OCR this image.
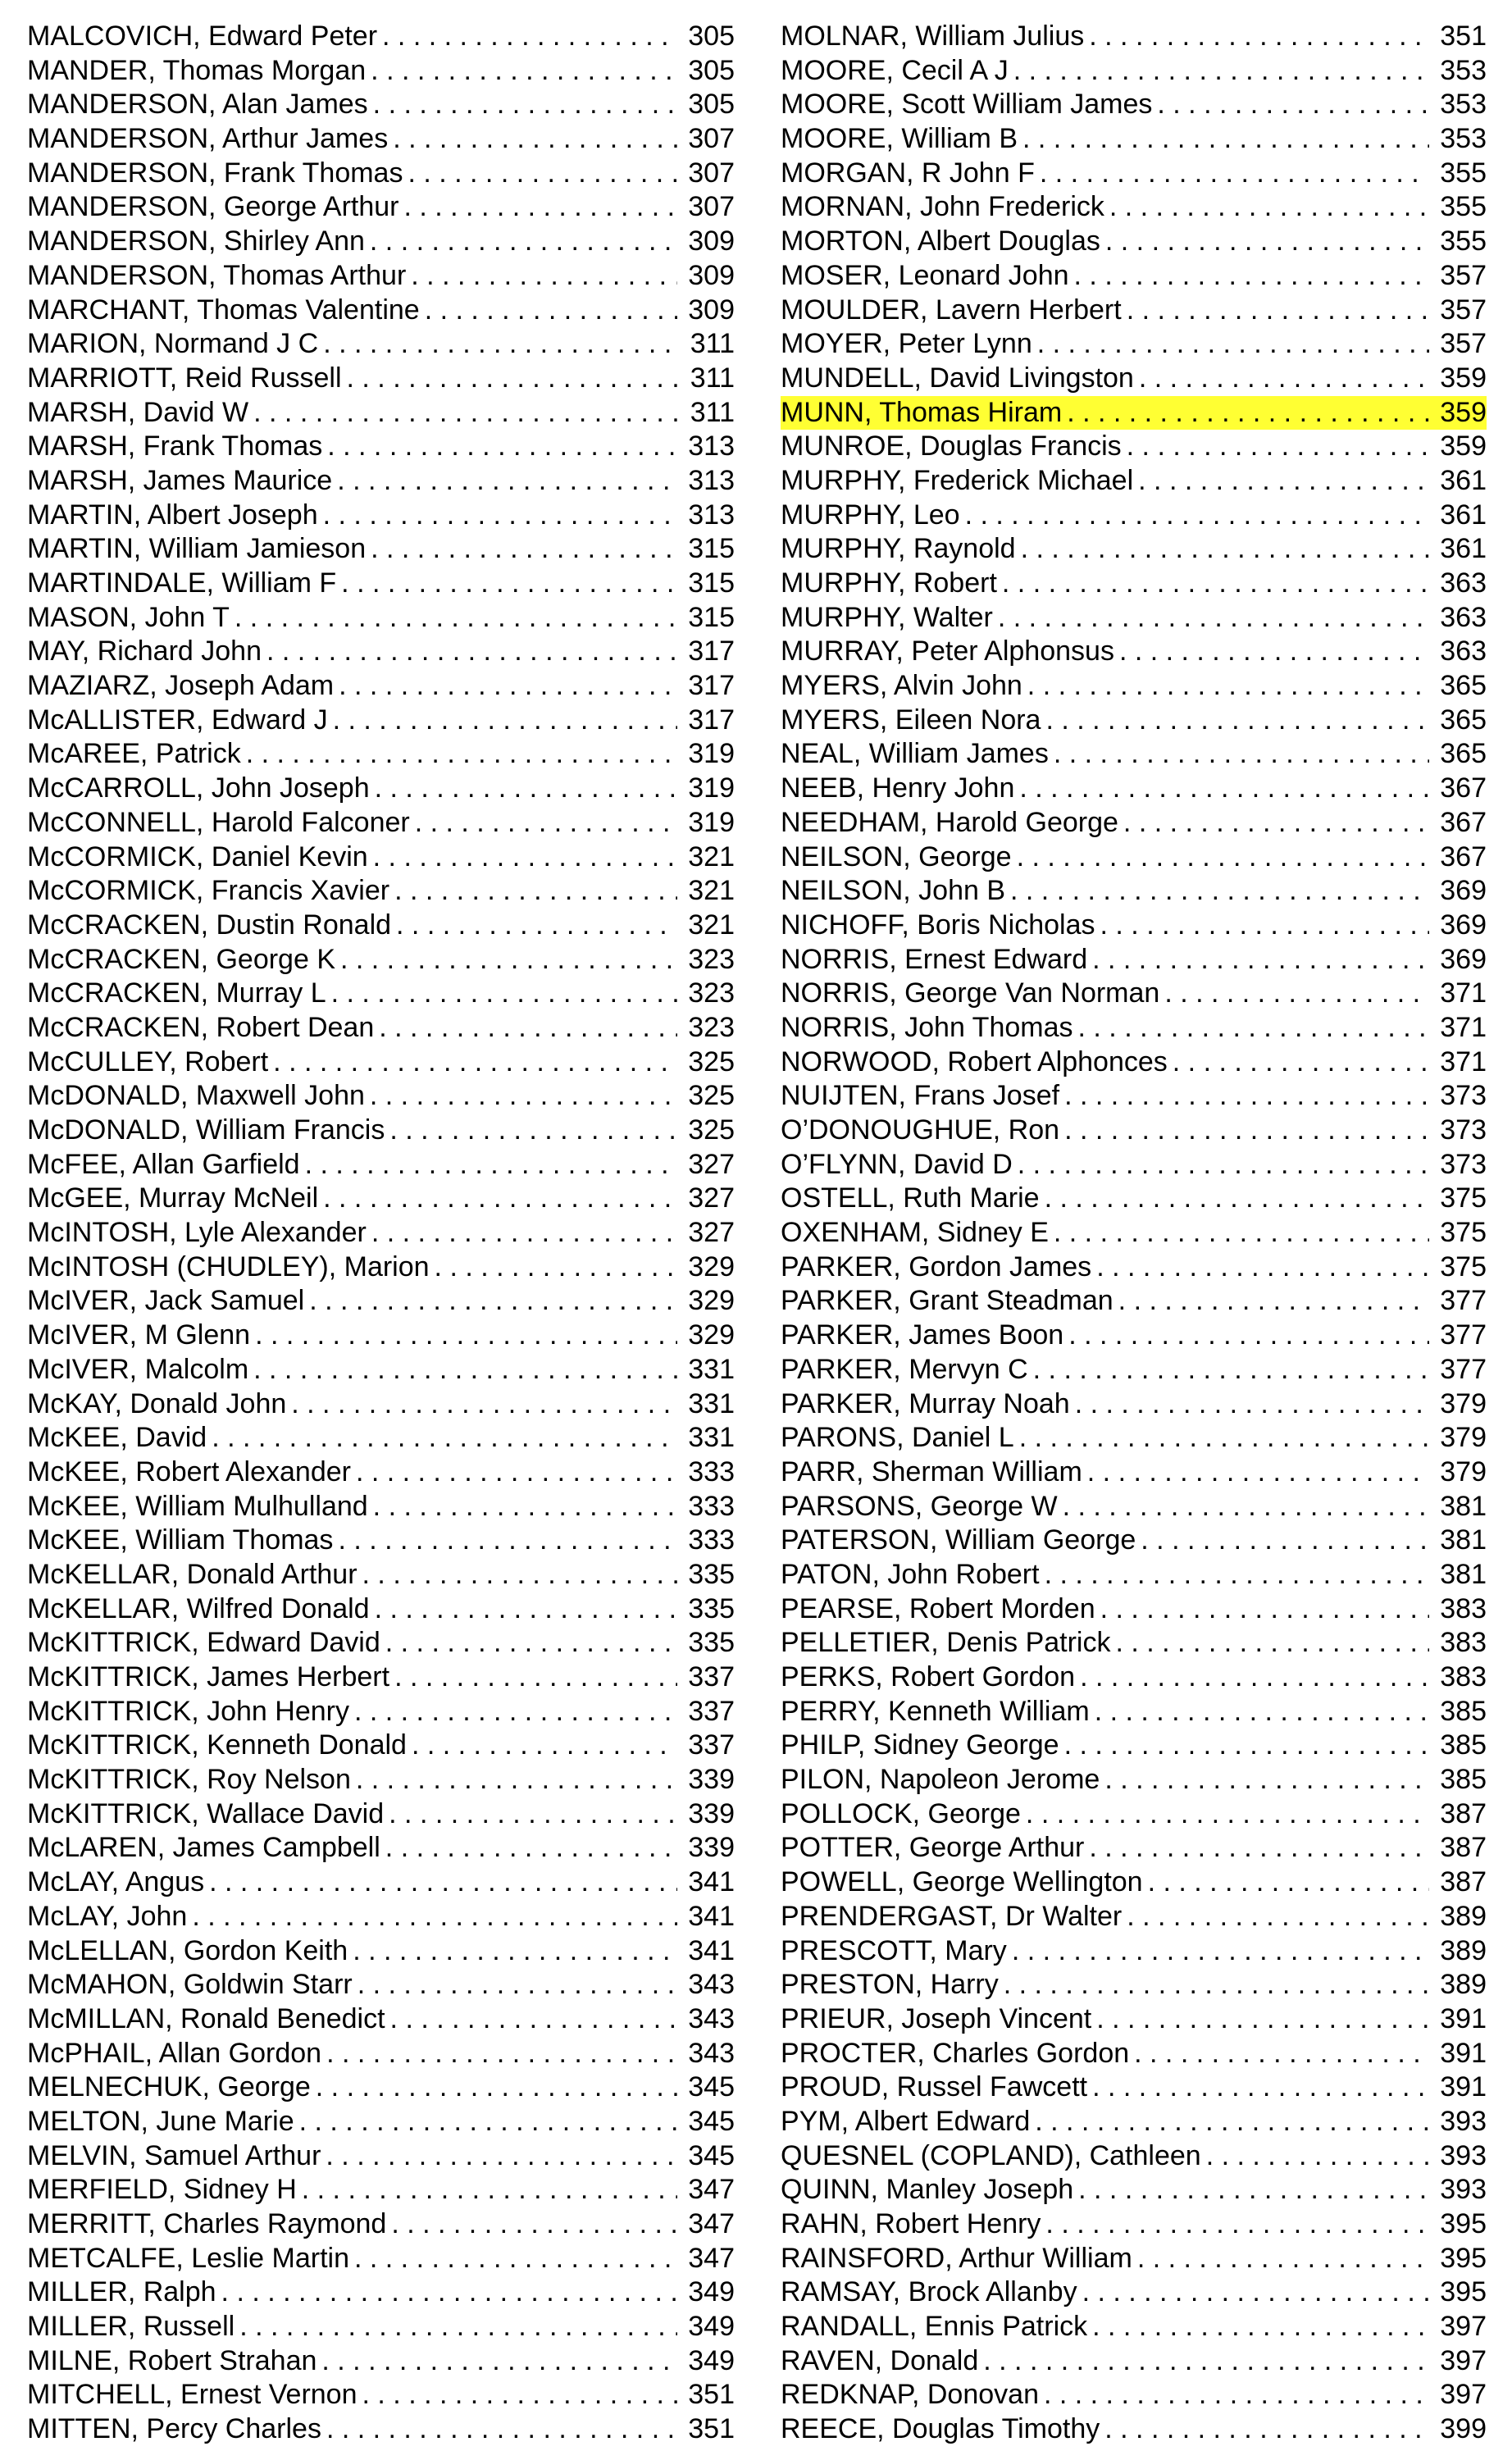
MALCOVICH, Edward Peter . . .	305
MANDER, Thomas Morgan . . .	305
MANDERSON, Alan James . . .	305
MANDERSON, Arthur James . . .	307
MANDERSON, Frank Thomas . . .	307
MANDERSON, George Arthur . . .	307
MANDERSON, Shirley Ann . . .	309
MANDERSON, Thomas Arthur . . .	309
MARCHANT, Thomas Valentine . . .	309
MARION, Normand J C . . .	311
MARRIOTT, Reid Russell . . .	311
MARSH, David W . . .	311
MARSH, Frank Thomas . . .	313
MARSH, James Maurice . . .	313
MARTIN, Albert Joseph . . .	313
MARTIN, William Jamieson . . .	315
MARTINDALE, William F . . .	315
MASON, John T . . .	315
MAY, Richard John . . .	317
MAZIARZ, Joseph Adam . . .	317
McALLISTER, Edward J . . .	317
McAREE, Patrick . . .	319
McCARROLL, John Joseph . . .	319
McCONNELL, Harold Falconer . . .	319
McCORMICK, Daniel Kevin . . .	321
McCORMICK, Francis Xavier . . .	321
McCRACKEN, Dustin Ronald . . .	321
McCRACKEN, George K . . .	323
McCRACKEN, Murray L . . .	323
McCRACKEN, Robert Dean . . .	323
McCULLEY, Robert . . .	325
McDONALD, Maxwell John . . .	325
McDONALD, William Francis . . .	325
McFEE, Allan Garfield . . .	327
McGEE, Murray McNeil . . .	327
McINTOSH, Lyle Alexander . . .	327
McINTOSH (CHUDLEY), Marion . . .	329
McIVER, Jack Samuel . . .	329
McIVER, M Glenn . . .	329
McIVER, Malcolm . . .	331
McKAY, Donald John . . .	331
McKEE, David . . .	331
McKEE, Robert Alexander . . .	333
McKEE, William Mulhulland . . .	333
McKEE, William Thomas . . .	333
McKELLAR, Donald Arthur . . .	335
McKELLAR, Wilfred Donald . . .	335
McKITTRICK, Edward David . . .	335
McKITTRICK, James Herbert . . .	337
McKITTRICK, John Henry . . .	337
McKITTRICK, Kenneth Donald . . .	337
McKITTRICK, Roy Nelson . . .	339
McKITTRICK, Wallace David . . .	339
McLAREN, James Campbell . . .	339
McLAY, Angus . . .	341
McLAY, John . . .	341
McLELLAN, Gordon Keith . . .	341
McMAHON, Goldwin Starr . . .	343
McMILLAN, Ronald Benedict . . .	343
McPHAIL, Allan Gordon . . .	343
MELNECHUK, George . . .	345
MELTON, June Marie . . .	345
MELVIN, Samuel Arthur . . .	345
MERFIELD, Sidney H . . .	347
MERRITT, Charles Raymond . . .	347
METCALFE, Leslie Martin . . .	347
MILLER, Ralph . . .	349
MILLER, Russell . . .	349
MILNE, Robert Strahan . . .	349
MITCHELL, Ernest Vernon . . .	351
MITTEN, Percy Charles . . .	351
MOLNAR, William Julius . . .	351
MOORE, Cecil A J . . .	353
MOORE, Scott William James . . .	353
MOORE, William B . . .	353
MORGAN, R John F . . .	355
MORNAN, John Frederick . . .	355
MORTON, Albert Douglas . . .	355
MOSER, Leonard John . . .	357
MOULDER, Lavern Herbert . . .	357
MOYER, Peter Lynn . . .	357
MUNDELL, David Livingston . . .	359
MUNN, Thomas Hiram . . .	359
MUNROE, Douglas Francis . . .	359
MURPHY, Frederick Michael . . .	361
MURPHY, Leo . . .	361
MURPHY, Raynold . . .	361
MURPHY, Robert . . .	363
MURPHY, Walter . . .	363
MURRAY, Peter Alphonsus . . .	363
MYERS, Alvin John . . .	365
MYERS, Eileen Nora . . .	365
NEAL, William James . . .	365
NEEB, Henry John . . .	367
NEEDHAM, Harold George . . .	367
NEILSON, George . . .	367
NEILSON, John B . . .	369
NICHOFF, Boris Nicholas . . .	369
NORRIS, Ernest Edward . . .	369
NORRIS, George Van Norman . . .	371
NORRIS, John Thomas . . .	371
NORWOOD, Robert Alphonces . . .	371
NUIJTEN, Frans Josef . . .	373
O’DONOUGHUE, Ron . . .	373
O’FLYNN, David D . . .	373
OSTELL, Ruth Marie . . .	375
OXENHAM, Sidney E . . .	375
PARKER, Gordon James . . .	375
PARKER, Grant Steadman . . .	377
PARKER, James Boon . . .	377
PARKER, Mervyn C . . .	377
PARKER, Murray Noah . . .	379
PARONS, Daniel L . . .	379
PARR, Sherman William . . .	379
PARSONS, George W . . .	381
PATERSON, William George . . .	381
PATON, John Robert . . .	381
PEARSE, Robert Morden . . .	383
PELLETIER, Denis Patrick . . .	383
PERKS, Robert Gordon . . .	383
PERRY, Kenneth William . . .	385
PHILP, Sidney George . . .	385
PILON, Napoleon Jerome . . .	385
POLLOCK, George . . .	387
POTTER, George Arthur . . .	387
POWELL, George Wellington . . .	387
PRENDERGAST, Dr Walter . . .	389
PRESCOTT, Mary . . .	389
PRESTON, Harry . . .	389
PRIEUR, Joseph Vincent . . .	391
PROCTER, Charles Gordon . . .	391
PROUD, Russel Fawcett . . .	391
PYM, Albert Edward . . .	393
QUESNEL (COPLAND), Cathleen . . .	393
QUINN, Manley Joseph . . .	393
RAHN, Robert Henry . . .	395
RAINSFORD, Arthur William . . .	395
RAMSAY, Brock Allanby . . .	395
RANDALL, Ennis Patrick . . .	397
RAVEN, Donald . . .	397
REDKNAP, Donovan . . .	397
REECE, Douglas Timothy . . .	399
